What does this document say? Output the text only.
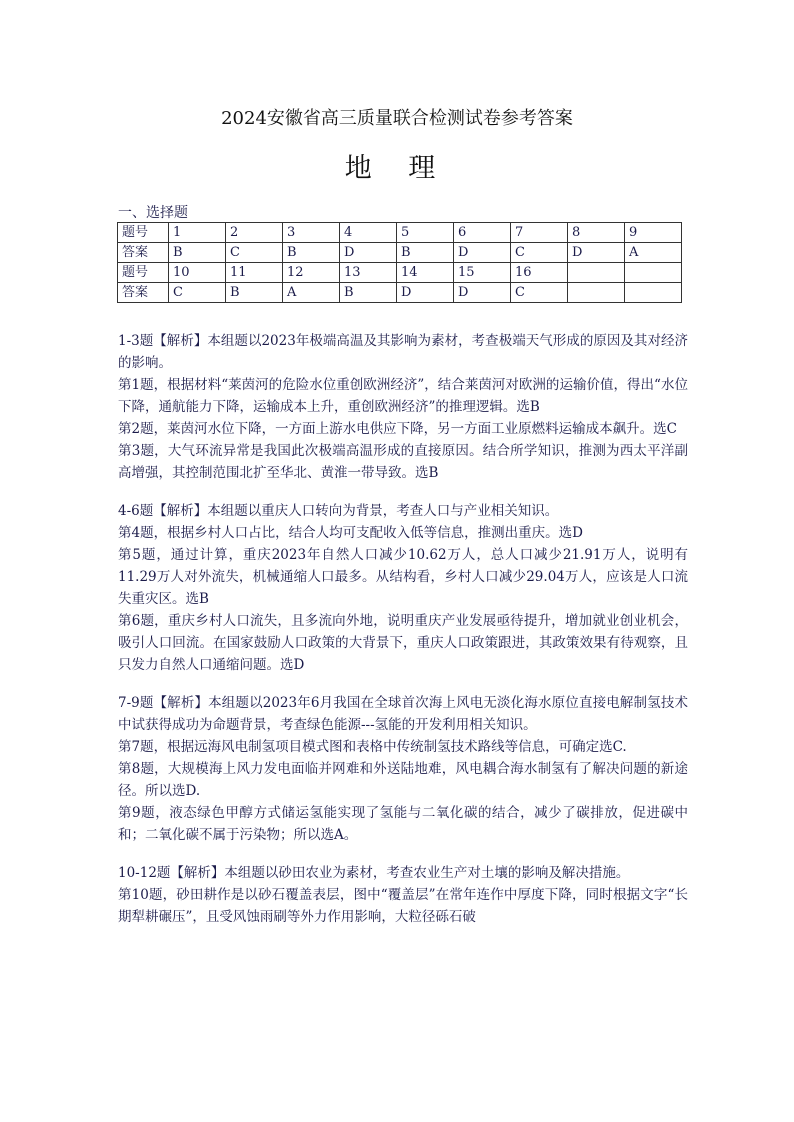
2024安徽省高三质量联合检测试卷参考答案
地 理
一、选择题
题号	1	2	3	4	5	6	7	8	9
答案	B	C	B	D	B	D	C	D	A
题号	10	11	12	13	14	15	16		
答案	C	B	A	B	D	D	C		

1-3题【解析】本组题以2023年极端高温及其影响为素材，考查极端天气形成的原因及其对经济的影响。

第1题，根据材料“莱茵河的危险水位重创欧洲经济”，结合莱茵河对欧洲的运输价值，得出“水位下降，通航能力下降，运输成本上升，重创欧洲经济”的推理逻辑。选B

第2题，莱茵河水位下降，一方面上游水电供应下降，另一方面工业原燃料运输成本飙升。选C

第3题，大气环流异常是我国此次极端高温形成的直接原因。结合所学知识，推测为西太平洋副高增强，其控制范围北扩至华北、黄淮一带导致。选B

4-6题【解析】本组题以重庆人口转向为背景，考查人口与产业相关知识。

第4题，根据乡村人口占比，结合人均可支配收入低等信息，推测出重庆。选D

第5题，通过计算，重庆2023年自然人口减少10.62万人，总人口减少21.91万人，说明有11.29万人对外流失，机械通缩人口最多。从结构看，乡村人口减少29.04万人，应该是人口流失重灾区。选B

第6题，重庆乡村人口流失，且多流向外地，说明重庆产业发展亟待提升，增加就业创业机会，吸引人口回流。在国家鼓励人口政策的大背景下，重庆人口政策跟进，其政策效果有待观察，且只发力自然人口通缩问题。选D

7-9题【解析】本组题以2023年6月我国在全球首次海上风电无淡化海水原位直接电解制氢技术中试获得成功为命题背景，考查绿色能源---氢能的开发利用相关知识。

第7题，根据远海风电制氢项目模式图和表格中传统制氢技术路线等信息，可确定选C.

第8题，大规模海上风力发电面临并网难和外送陆地难，风电耦合海水制氢有了解决问题的新途径。所以选D.

第9题，液态绿色甲醇方式储运氢能实现了氢能与二氧化碳的结合，减少了碳排放，促进碳中和；二氧化碳不属于污染物；所以选A。

10-12题【解析】本组题以砂田农业为素材，考查农业生产对土壤的影响及解决措施。

第10题，砂田耕作是以砂石覆盖表层，图中“覆盖层”在常年连作中厚度下降，同时根据文字“长期犁耕碾压”，且受风蚀雨刷等外力作用影响，大粒径砾石破
